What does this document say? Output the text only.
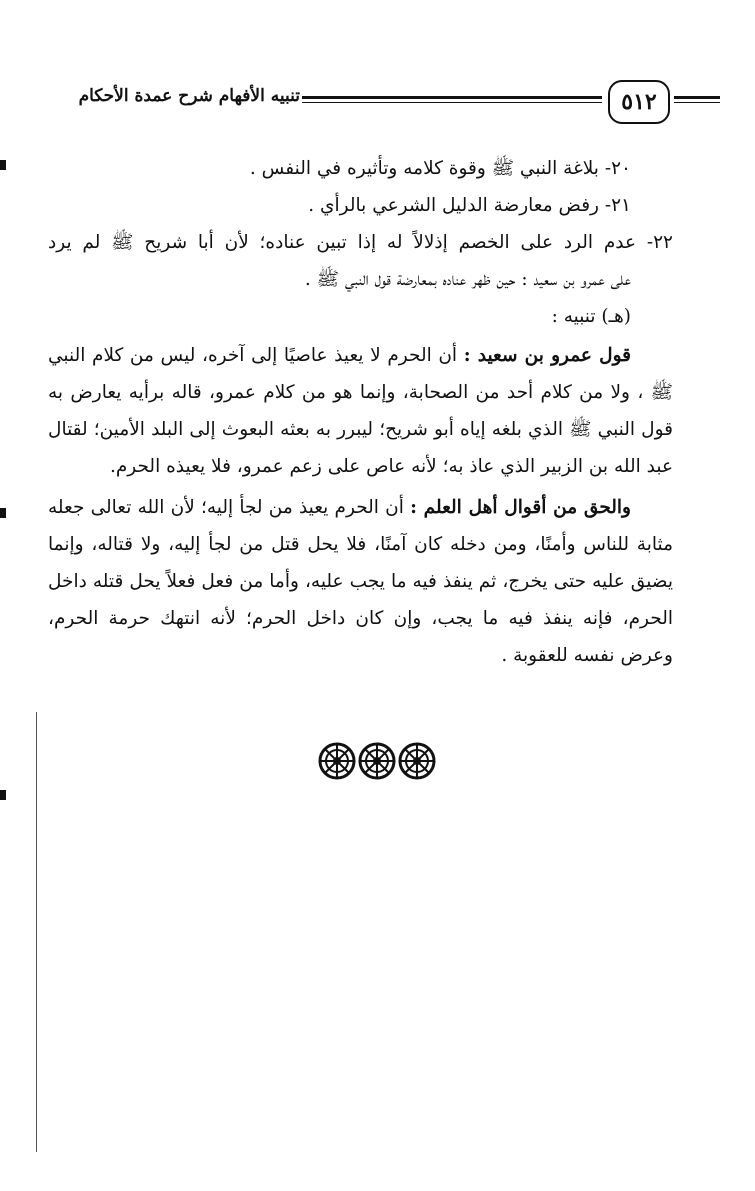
٥١٢
تنبيه الأفهام شرح عمدة الأحكام

٢٠- بلاغة النبي ﷺ وقوة كلامه وتأثيره في النفس .

٢١- رفض معارضة الدليل الشرعي بالرأي .

٢٢- عدم الرد على الخصم إذلالاً له إذا تبين عناده؛ لأن أبا شريح ﷺ لم يرد

على عمرو بن سعيد : حين ظهر عناده بمعارضة قول النبي ﷺ .

(هـ) تنبيه :

قول عمرو بن سعيد : أن الحرم لا يعيذ عاصيًا إلى آخره، ليس من كلام النبي ﷺ ، ولا من كلام أحد من الصحابة، وإنما هو من كلام عمرو، قاله برأيه يعارض به قول النبي ﷺ الذي بلغه إياه أبو شريح؛ ليبرر به بعثه البعوث إلى البلد الأمين؛ لقتال عبد الله بن الزبير الذي عاذ به؛ لأنه عاص على زعم عمرو، فلا يعيذه الحرم.

والحق من أقوال أهل العلم : أن الحرم يعيذ من لجأ إليه؛ لأن الله تعالى جعله مثابة للناس وأمنًا، ومن دخله كان آمنًا، فلا يحل قتل من لجأ إليه، ولا قتاله، وإنما يضيق عليه حتى يخرج، ثم ينفذ فيه ما يجب عليه، وأما من فعل فعلاً يحل قتله داخل الحرم، فإنه ينفذ فيه ما يجب، وإن كان داخل الحرم؛ لأنه انتهك حرمة الحرم، وعرض نفسه للعقوبة .
